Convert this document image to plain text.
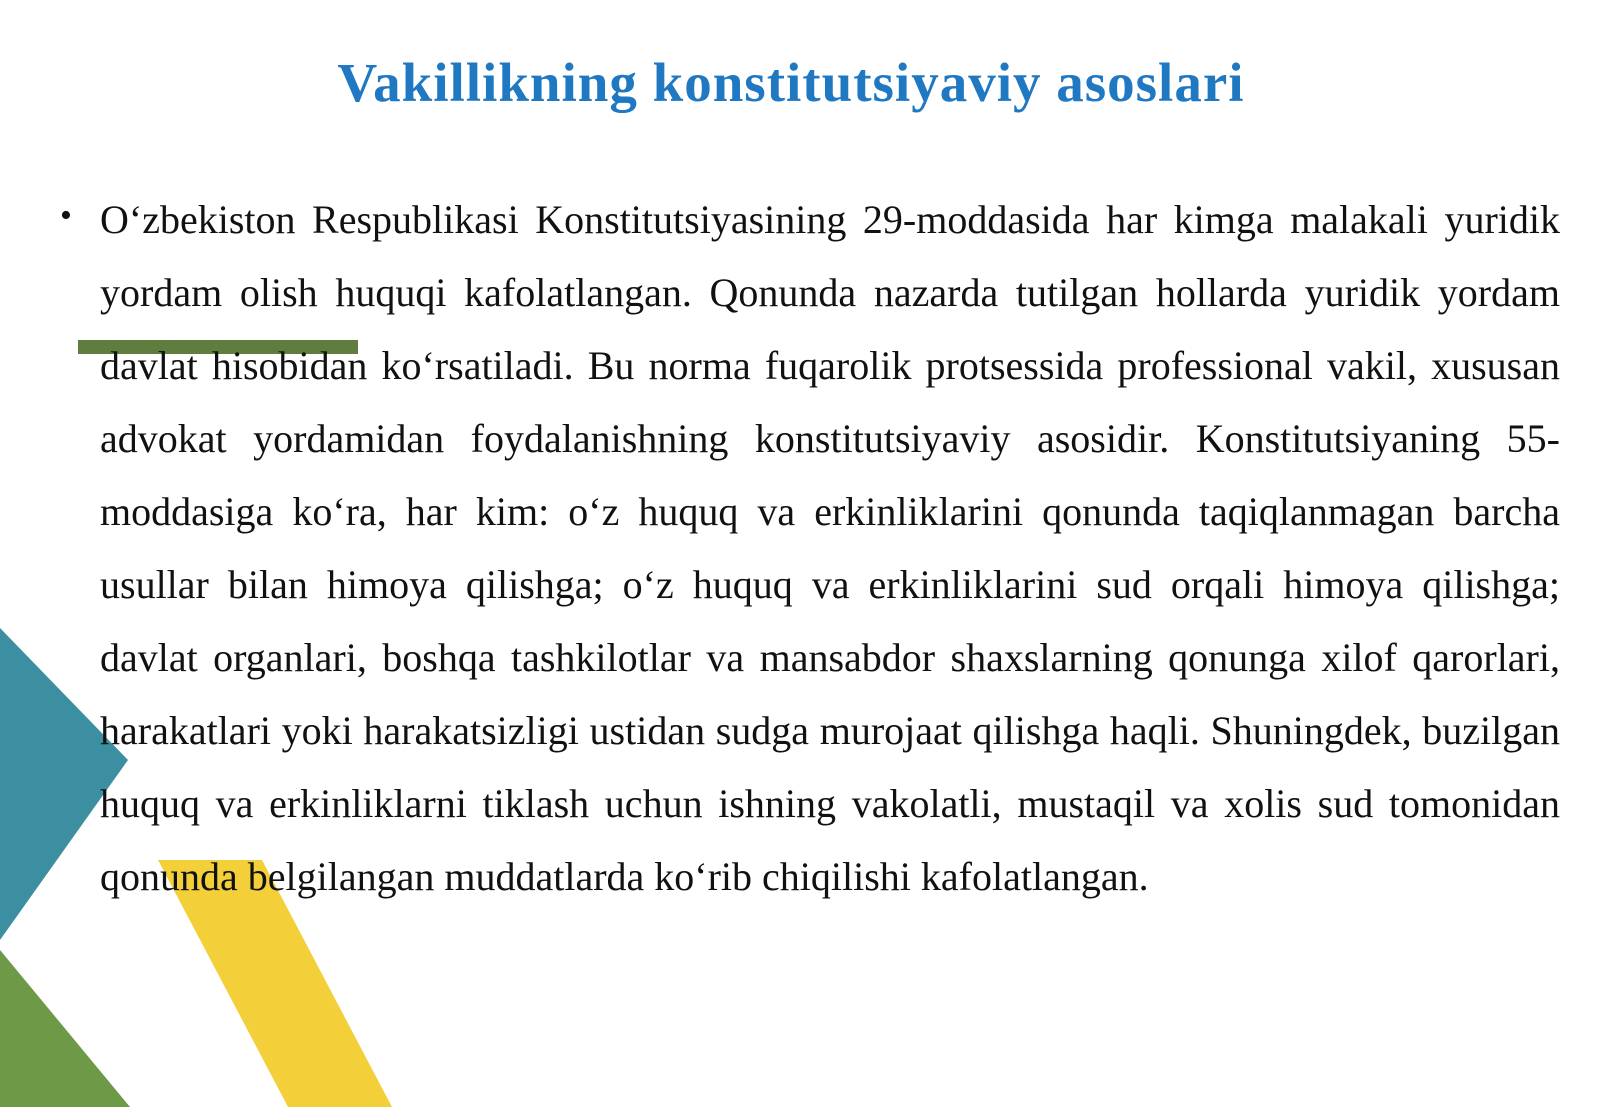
Vakillikning konstitutsiyaviy asoslari
• O‘zbekiston Respublikasi Konstitutsiyasining 29-moddasida har kimga malakali yuridik yordam olish huquqi kafolatlangan. Qonunda nazarda tutilgan hollarda yuridik yordam davlat hisobidan ko‘rsatiladi. Bu norma fuqarolik protsessida professional vakil, xususan advokat yordamidan foydalanishning konstitutsiyaviy asosidir. Konstitutsiyaning 55-moddasiga ko‘ra, har kim: o‘z huquq va erkinliklarini qonunda taqiqlanmagan barcha usullar bilan himoya qilishga; o‘z huquq va erkinliklarini sud orqali himoya qilishga; davlat organlari, boshqa tashkilotlar va mansabdor shaxslarning qonunga xilof qarorlari, harakatlari yoki harakatsizligi ustidan sudga murojaat qilishga haqli. Shuningdek, buzilgan huquq va erkinliklarni tiklash uchun ishning vakolatli, mustaqil va xolis sud tomonidan qonunda belgilangan muddatlarda ko‘rib chiqilishi kafolatlangan.
